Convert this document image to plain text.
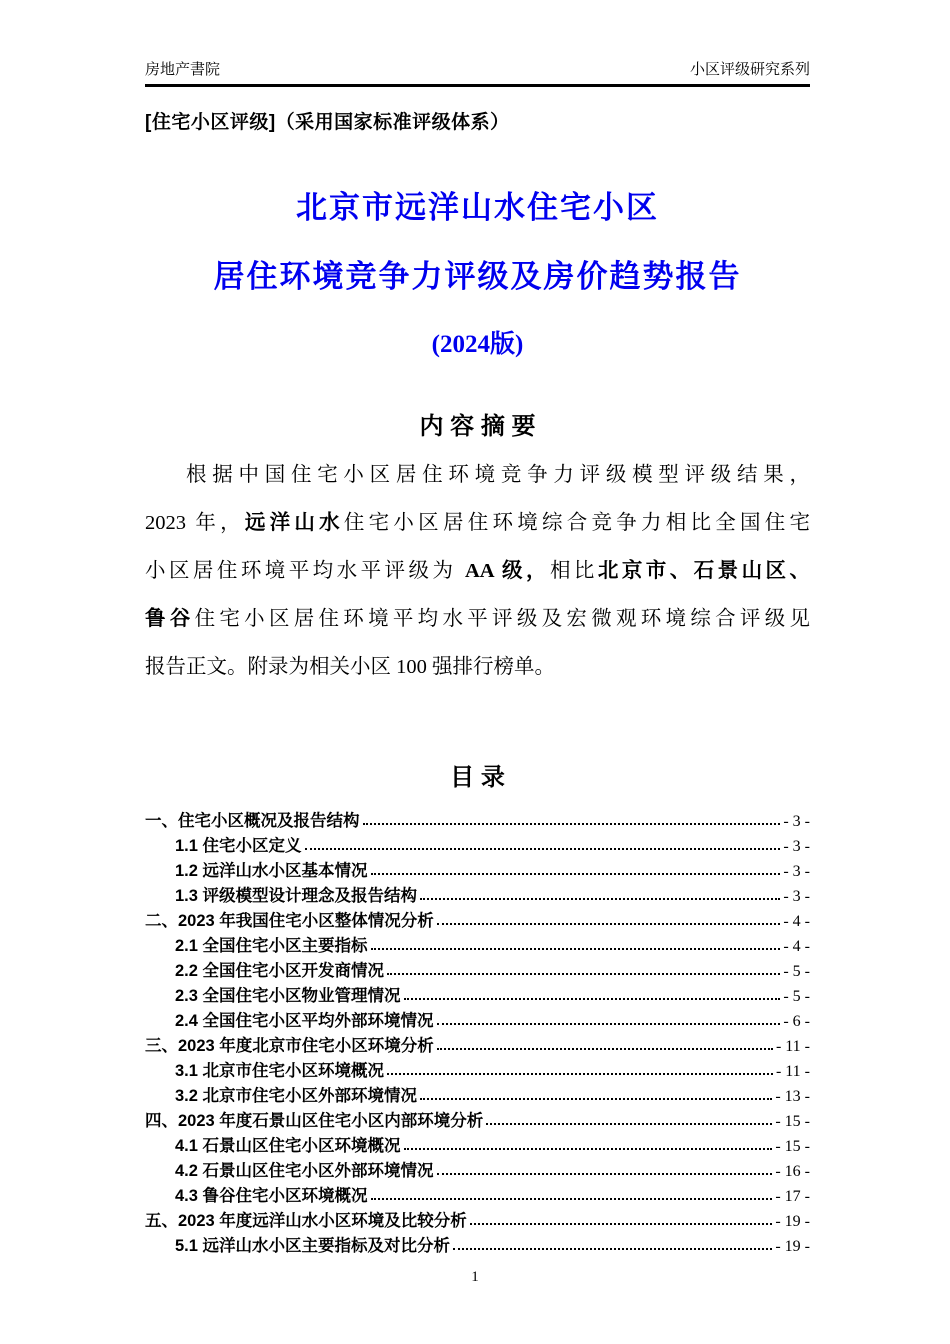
房地产書院	小区评级研究系列
[住宅小区评级]（采用国家标准评级体系）
北京市远洋山水住宅小区
居住环境竞争力评级及房价趋势报告
(2024版)
内 容 摘 要
根据中国住宅小区居住环境竞争力评级模型评级结果，
2023 年，远洋山水住宅小区居住环境综合竞争力相比全国住宅
小区居住环境平均水平评级为 AA 级，相比北京市、石景山区、
鲁谷住宅小区居住环境平均水平评级及宏微观环境综合评级见
报告正文。附录为相关小区 100 强排行榜单。
目 录
一、住宅小区概况及报告结构	- 3 -
1.1 住宅小区定义	- 3 -
1.2 远洋山水小区基本情况	- 3 -
1.3 评级模型设计理念及报告结构	- 3 -
二、2023 年我国住宅小区整体情况分析	- 4 -
2.1 全国住宅小区主要指标	- 4 -
2.2 全国住宅小区开发商情况	- 5 -
2.3 全国住宅小区物业管理情况	- 5 -
2.4 全国住宅小区平均外部环境情况	- 6 -
三、2023 年度北京市住宅小区环境分析	- 11 -
3.1 北京市住宅小区环境概况	- 11 -
3.2 北京市住宅小区外部环境情况	- 13 -
四、2023 年度石景山区住宅小区内部环境分析	- 15 -
4.1 石景山区住宅小区环境概况	- 15 -
4.2 石景山区住宅小区外部环境情况	- 16 -
4.3 鲁谷住宅小区环境概况	- 17 -
五、2023 年度远洋山水小区环境及比较分析	- 19 -
5.1 远洋山水小区主要指标及对比分析	- 19 -
1
